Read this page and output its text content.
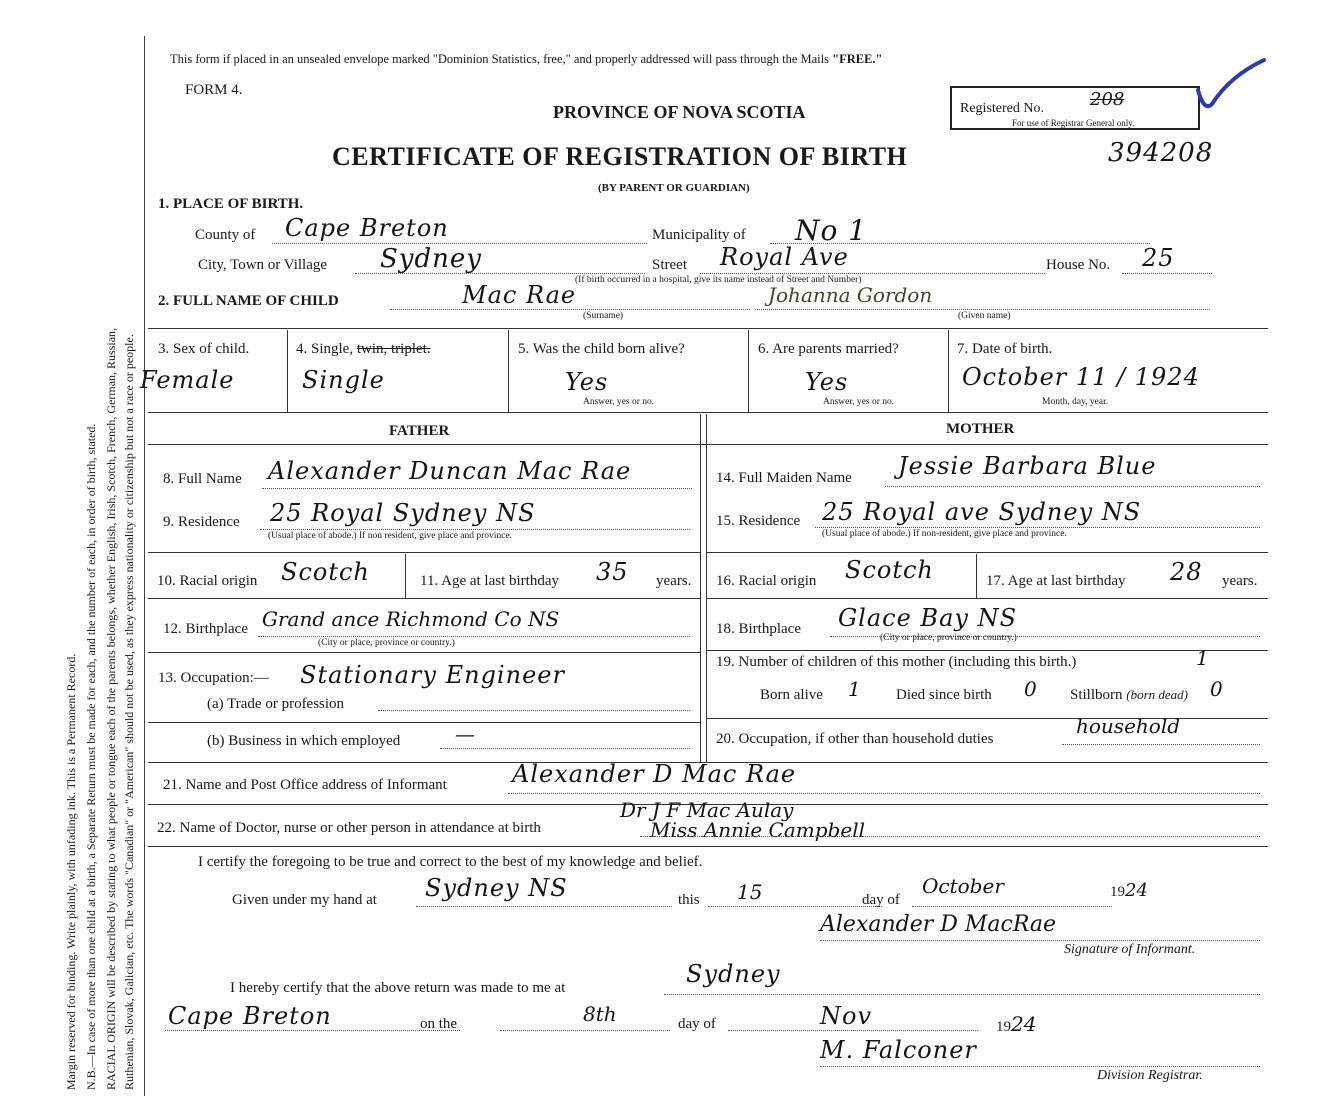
Margin reserved for binding. Write plainly, with unfading ink. This is a Permanent Record. N.B.—In case of more than one child at a birth, a Separate Return must be made for each, and the number of each, in order of birth, stated. RACIAL ORIGIN will be described by stating to what people or tongue each of the parents belongs, whether English, Irish, Scotch, French, German, Russian, Ruthenian, Slovak, Galician, etc. The words "Canadian" or "American" should not be used, as they express nationality or citizenship but not a race or people.
This form if placed in an unsealed envelope marked "Dominion Statistics, free," and properly addressed will pass through the Mails "FREE."
FORM 4.
PROVINCE OF NOVA SCOTIA	Registered No.	208
For use of Registrar General only.
CERTIFICATE OF REGISTRATION OF BIRTH	394208
(BY PARENT OR GUARDIAN)
1. PLACE OF BIRTH.
County of Cape Breton	Municipality of No 1
City, Town or Village Sydney	Street Royal Ave
(If birth occurred in a hospital, give its name instead of Street and Number)
House No. 25
2. FULL NAME OF CHILD	Mac Rae
(Surname)
Johanna Gordon
(Given name)
3. Sex of child.
Female
4. Single, twin, triplet.
Single
5. Was the child born alive?
Yes
Answer, yes or no.
6. Are parents married?
Yes
Answer, yes or no.
7. Date of birth.
October 11 / 1924
Month, day, year.
FATHER	MOTHER
8. Full Name Alexander Duncan Mac Rae
9. Residence 25 Royal Sydney NS
(Usual place of abode.) If non resident, give place and province.
10. Racial origin Scotch	11. Age at last birthday 35 years.
12. Birthplace Grand ance Richmond Co NS
(City or place, province or country.)
13. Occupation:— Stationary Engineer
(a) Trade or profession
(b) Business in which employed	—
14. Full Maiden Name Jessie Barbara Blue
15. Residence 25 Royal ave Sydney NS
(Usual place of abode.) If non-resident, give place and province.
16. Racial origin Scotch	17. Age at last birthday 28 years.
18. Birthplace Glace Bay NS
(City or place, province or country.)
19. Number of children of this mother (including this birth.)	1
Born alive 1 Died since birth 0 Stillborn (born dead) 0
20. Occupation, if other than household duties
household
21. Name and Post Office address of Informant	Alexander D Mac Rae
22. Name of Doctor, nurse or other person in attendance at birth
Dr J F Mac Aulay
Miss Annie Campbell
I certify the foregoing to be true and correct to the best of my knowledge and belief.
Given under my hand at Sydney NS	this 15	day of
October	1924
Alexander D MacRae
Signature of Informant.
I hereby certify that the above return was made to me at	Sydney
Cape Breton	on the	8th	day of	Nov	1924
M. Falconer
Division Registrar.
